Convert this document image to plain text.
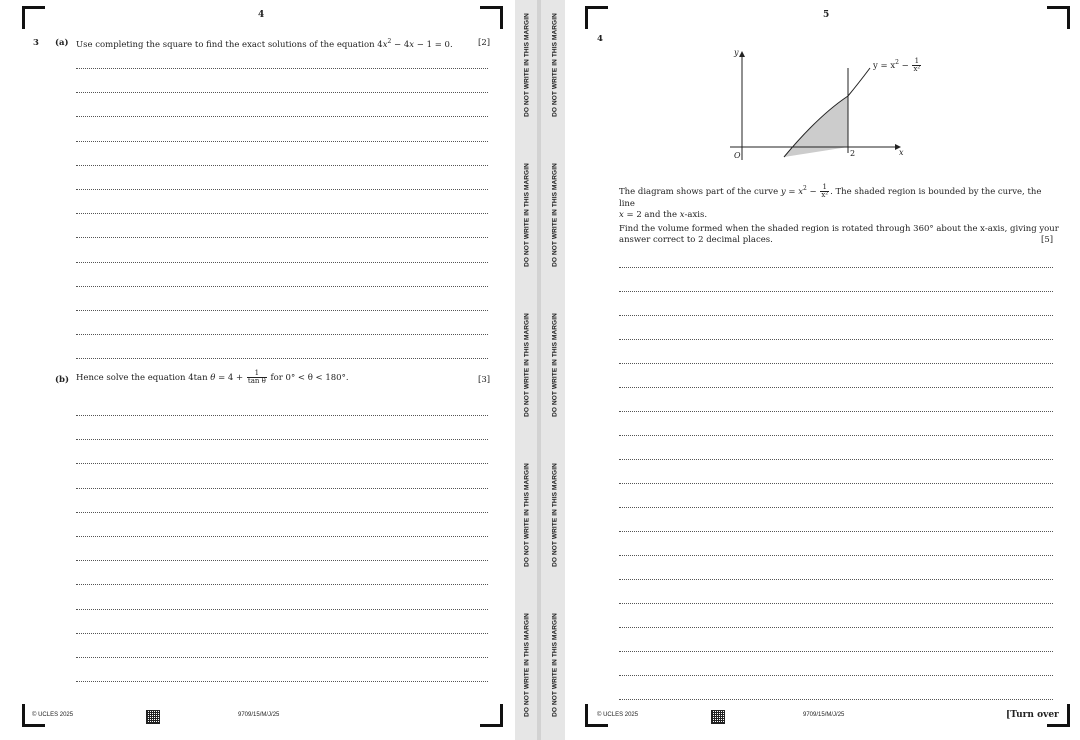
4
3 (a) Use completing the square to find the exact solutions of the equation $4x^2 - 4x - 1 = 0$.	[2]
(b) Hence solve the equation 4tan $\theta = 4 + \frac{1}{\text{tan θ}}$ for 0° < θ < 180°.	[3]
© UCLES 2025	9709/15/M/J/25
DO NOT WRITE IN THIS MARGIN
DO NOT WRITE IN THIS MARGIN
DO NOT WRITE IN THIS MARGIN
DO NOT WRITE IN THIS MARGIN
DO NOT WRITE IN THIS MARGIN
DO NOT WRITE IN THIS MARGIN
DO NOT WRITE IN THIS MARGIN
DO NOT WRITE IN THIS MARGIN
DO NOT WRITE IN THIS MARGIN
DO NOT WRITE IN THIS MARGIN
5
4
O	x
y
2
$y = x^2 - \frac{1}{\text{x²}}$
The diagram shows part of the curve $y = x^2 - \frac{1}{\text{x²}}$ . The shaded region is bounded by the curve, the line
x = 2 and the x-axis.
Find the volume formed when the shaded region is rotated through 360° about the x-axis, giving your
answer correct to 2 decimal places.	[5]
© UCLES 2025	9709/15/M/J/25	[Turn over
